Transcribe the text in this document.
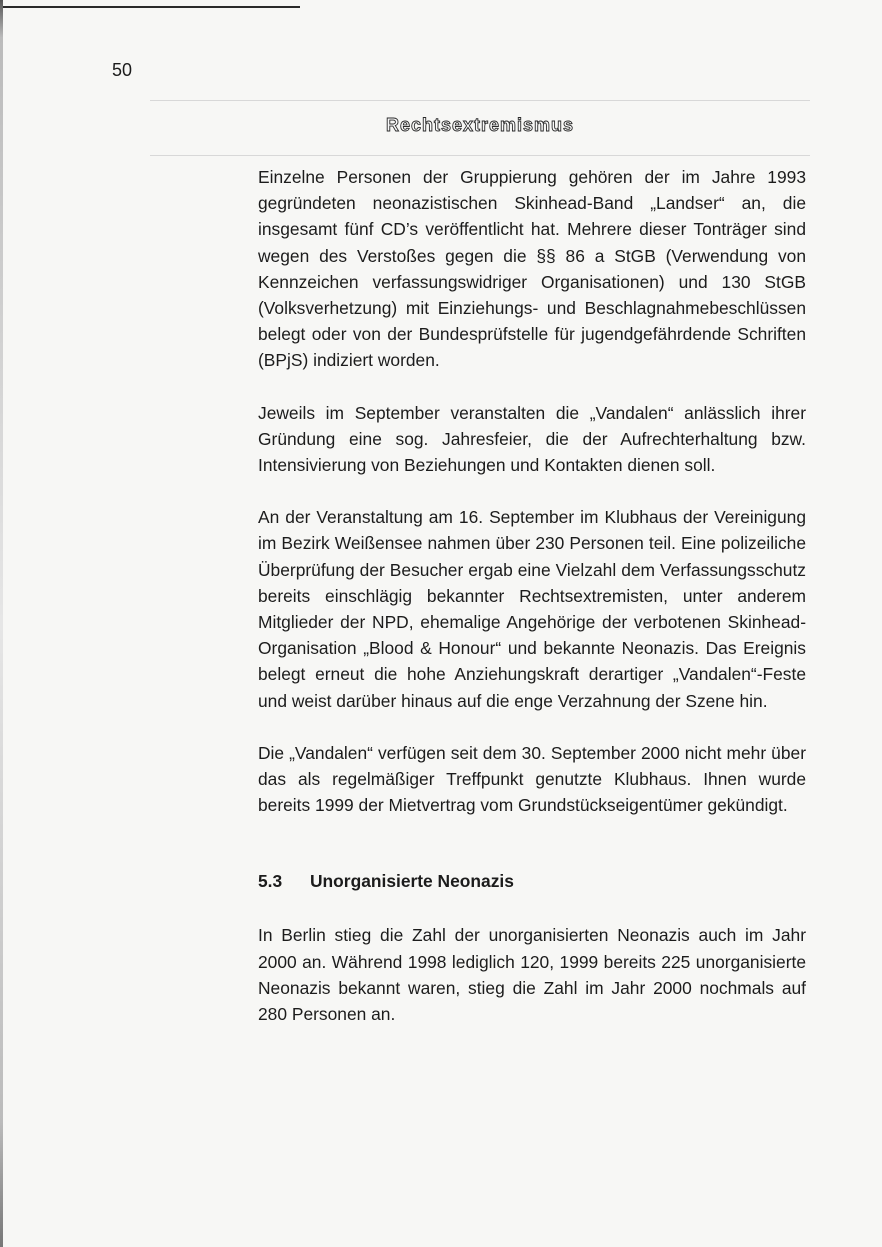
50
Rechtsextremismus

Einzelne Personen der Gruppierung gehören der im Jahre 1993 gegründeten neonazistischen Skinhead-Band „Landser“ an, die insgesamt fünf CD’s veröffentlicht hat. Mehrere dieser Tonträger sind wegen des Verstoßes gegen die §§ 86 a StGB (Verwendung von Kennzeichen verfassungswidriger Organisationen) und 130 StGB (Volksverhetzung) mit Einziehungs- und Beschlagnahmebeschlüssen belegt oder von der Bundesprüfstelle für jugendgefährdende Schriften (BPjS) indiziert worden.

Jeweils im September veranstalten die „Vandalen“ anlässlich ihrer Gründung eine sog. Jahresfeier, die der Aufrechterhaltung bzw. Intensivierung von Beziehungen und Kontakten dienen soll.

An der Veranstaltung am 16. September im Klubhaus der Vereinigung im Bezirk Weißensee nahmen über 230 Personen teil. Eine polizeiliche Überprüfung der Besucher ergab eine Vielzahl dem Verfassungsschutz bereits einschlägig bekannter Rechtsextremisten, unter anderem Mitglieder der NPD, ehemalige Angehörige der verbotenen Skinhead-Organisation „Blood & Honour“ und bekannte Neonazis. Das Ereignis belegt erneut die hohe Anziehungskraft derartiger „Vandalen“-Feste und weist darüber hinaus auf die enge Verzahnung der Szene hin.

Die „Vandalen“ verfügen seit dem 30. September 2000 nicht mehr über das als regelmäßiger Treffpunkt genutzte Klubhaus. Ihnen wurde bereits 1999 der Mietvertrag vom Grundstückseigentümer gekündigt.

5.3 Unorganisierte Neonazis

In Berlin stieg die Zahl der unorganisierten Neonazis auch im Jahr 2000 an. Während 1998 lediglich 120, 1999 bereits 225 unorganisierte Neonazis bekannt waren, stieg die Zahl im Jahr 2000 nochmals auf 280 Personen an.
